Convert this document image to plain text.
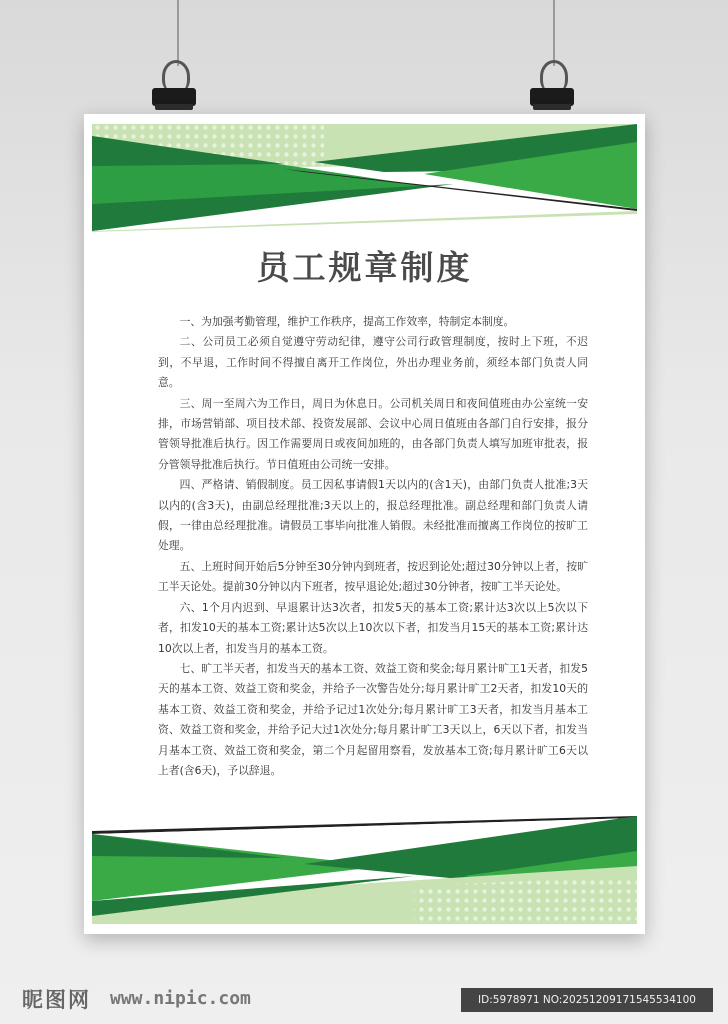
员工规章制度

一、为加强考勤管理，维护工作秩序，提高工作效率，特制定本制度。

二、公司员工必须自觉遵守劳动纪律，遵守公司行政管理制度，按时上下班，不迟到，不早退，工作时间不得擅自离开工作岗位，外出办理业务前，须经本部门负责人同意。

三、周一至周六为工作日，周日为休息日。公司机关周日和夜间值班由办公室统一安排，市场营销部、项目技术部、投资发展部、会议中心周日值班由各部门自行安排，报分管领导批准后执行。因工作需要周日或夜间加班的，由各部门负责人填写加班审批表，报分管领导批准后执行。节日值班由公司统一安排。

四、严格请、销假制度。员工因私事请假1天以内的(含1天)，由部门负责人批准;3天以内的(含3天)，由副总经理批准;3天以上的，报总经理批准。副总经理和部门负责人请假，一律由总经理批准。请假员工事毕向批准人销假。未经批准而擅离工作岗位的按旷工处理。

五、上班时间开始后5分钟至30分钟内到班者，按迟到论处;超过30分钟以上者，按旷工半天论处。提前30分钟以内下班者，按早退论处;超过30分钟者，按旷工半天论处。

六、1个月内迟到、早退累计达3次者，扣发5天的基本工资;累计达3次以上5次以下者，扣发10天的基本工资;累计达5次以上10次以下者，扣发当月15天的基本工资;累计达10次以上者，扣发当月的基本工资。

七、旷工半天者，扣发当天的基本工资、效益工资和奖金;每月累计旷工1天者，扣发5天的基本工资、效益工资和奖金，并给予一次警告处分;每月累计旷工2天者，扣发10天的基本工资、效益工资和奖金，并给予记过1次处分;每月累计旷工3天者，扣发当月基本工资、效益工资和奖金，并给予记大过1次处分;每月累计旷工3天以上，6天以下者，扣发当月基本工资、效益工资和奖金，第二个月起留用察看，发放基本工资;每月累计旷工6天以上者(含6天)，予以辞退。

昵图网 www.nipic.com	ID:5978971 NO:20251209171545534100
